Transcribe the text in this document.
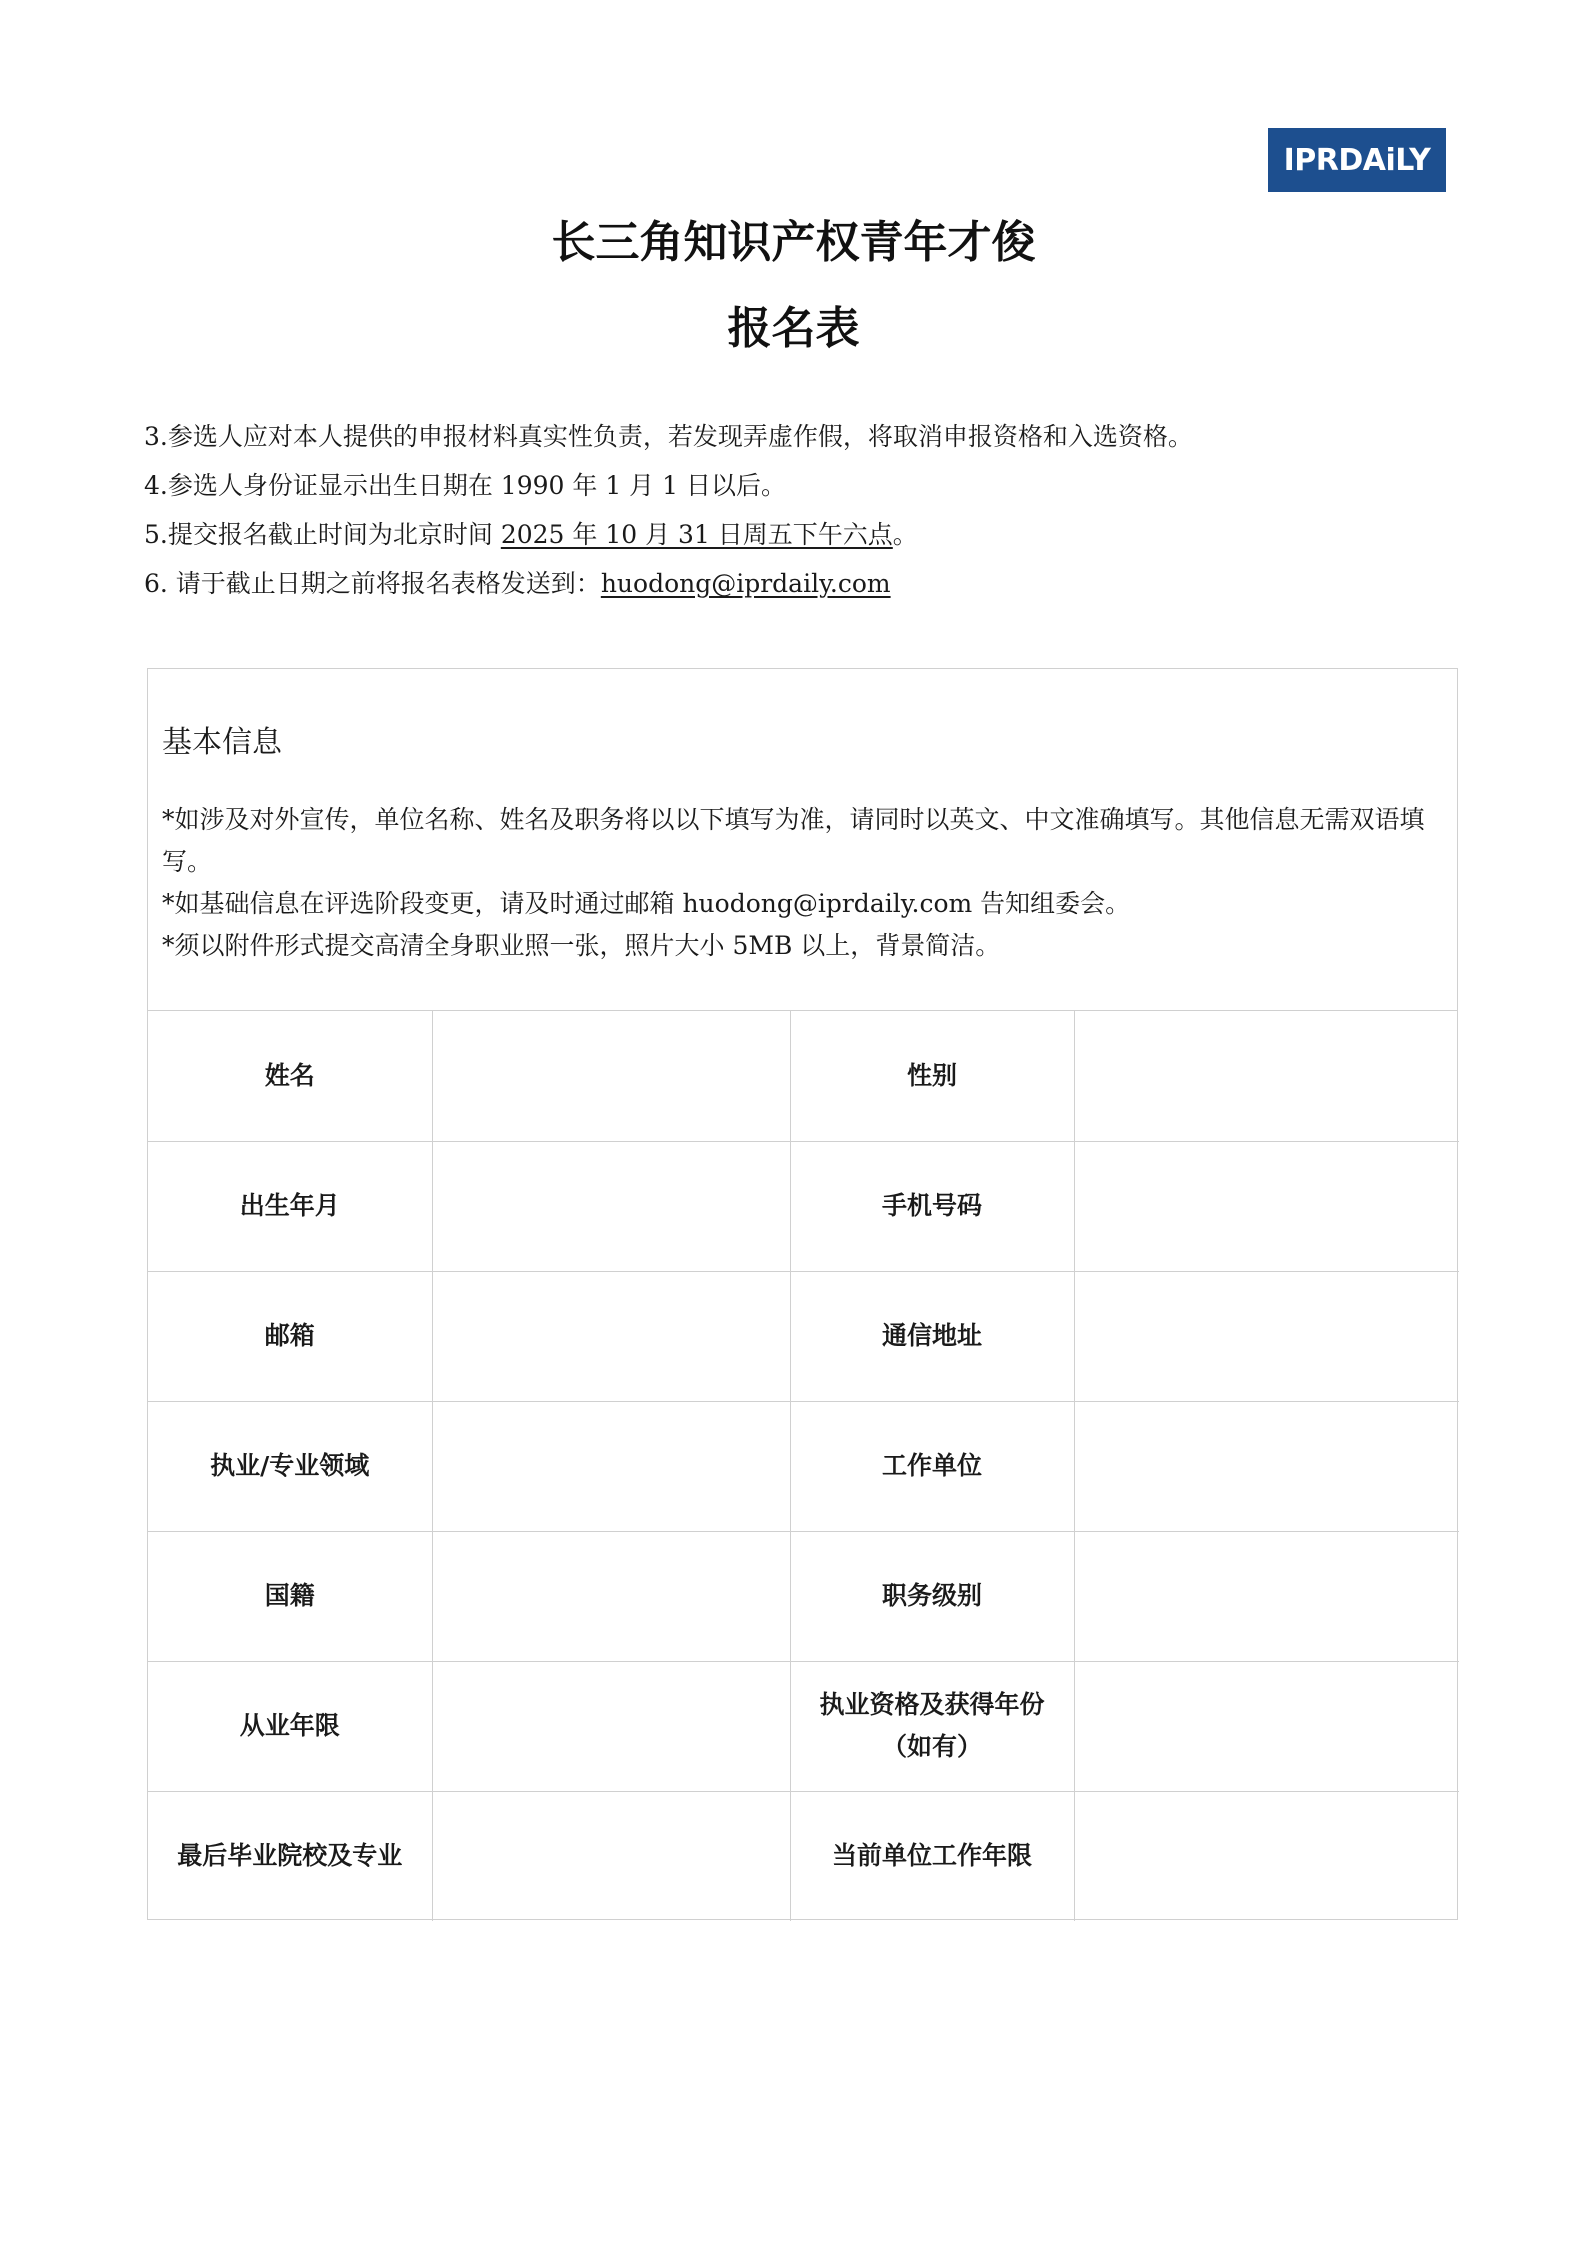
IPRDAiLY
长三角知识产权青年才俊
报名表
3.参选人应对本人提供的申报材料真实性负责，若发现弄虚作假，将取消申报资格和入选资格。
4.参选人身份证显示出生日期在 1990 年 1 月 1 日以后。
5.提交报名截止时间为北京时间 2025 年 10 月 31 日周五下午六点。
6. 请于截止日期之前将报名表格发送到：huodong@iprdaily.com
基本信息
*如涉及对外宣传，单位名称、姓名及职务将以以下填写为准，请同时以英文、中文准确填写。其他信息无需双语填写。
*如基础信息在评选阶段变更，请及时通过邮箱 huodong@iprdaily.com 告知组委会。
*须以附件形式提交高清全身职业照一张，照片大小 5MB 以上，背景简洁。
姓名		性别	
出生年月		手机号码	
邮箱		通信地址	
执业/专业领域		工作单位	
国籍		职务级别	
从业年限		执业资格及获得年份
（如有）	

最后毕业院校及专业		当前单位工作年限	
